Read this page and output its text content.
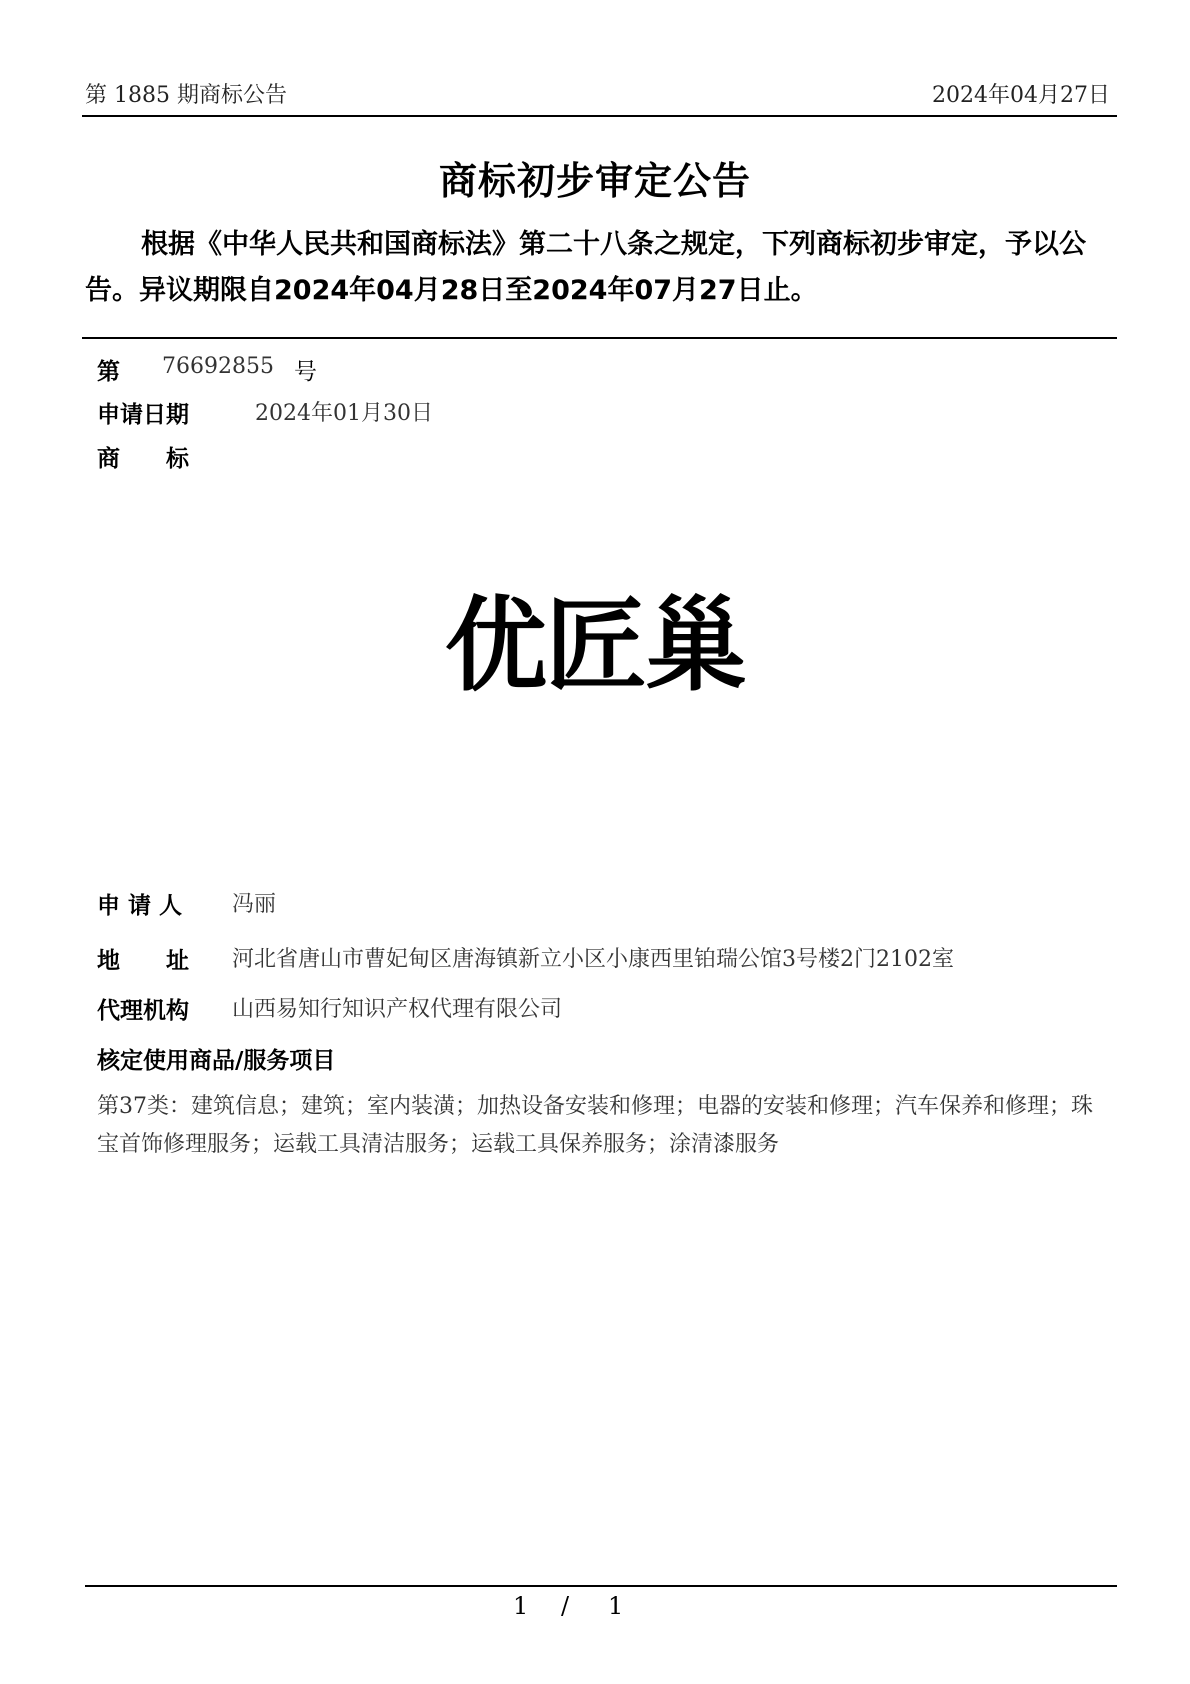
第 1885 期商标公告	2024年04月27日
商标初步审定公告
根据《中华人民共和国商标法》第二十八条之规定，下列商标初步审定，予以公告。异议期限自2024年04月28日至2024年07月27日止。
第 76692855 号
申请日期	2024年01月30日
商　　标
优匠巢
申 请 人 冯丽
地　　址 河北省唐山市曹妃甸区唐海镇新立小区小康西里铂瑞公馆3号楼2门2102室
代理机构 山西易知行知识产权代理有限公司
核定使用商品/服务项目
第37类：建筑信息；建筑；室内装潢；加热设备安装和修理；电器的安装和修理；汽车保养和修理；珠宝首饰修理服务；运载工具清洁服务；运载工具保养服务；涂清漆服务
1 / 1
